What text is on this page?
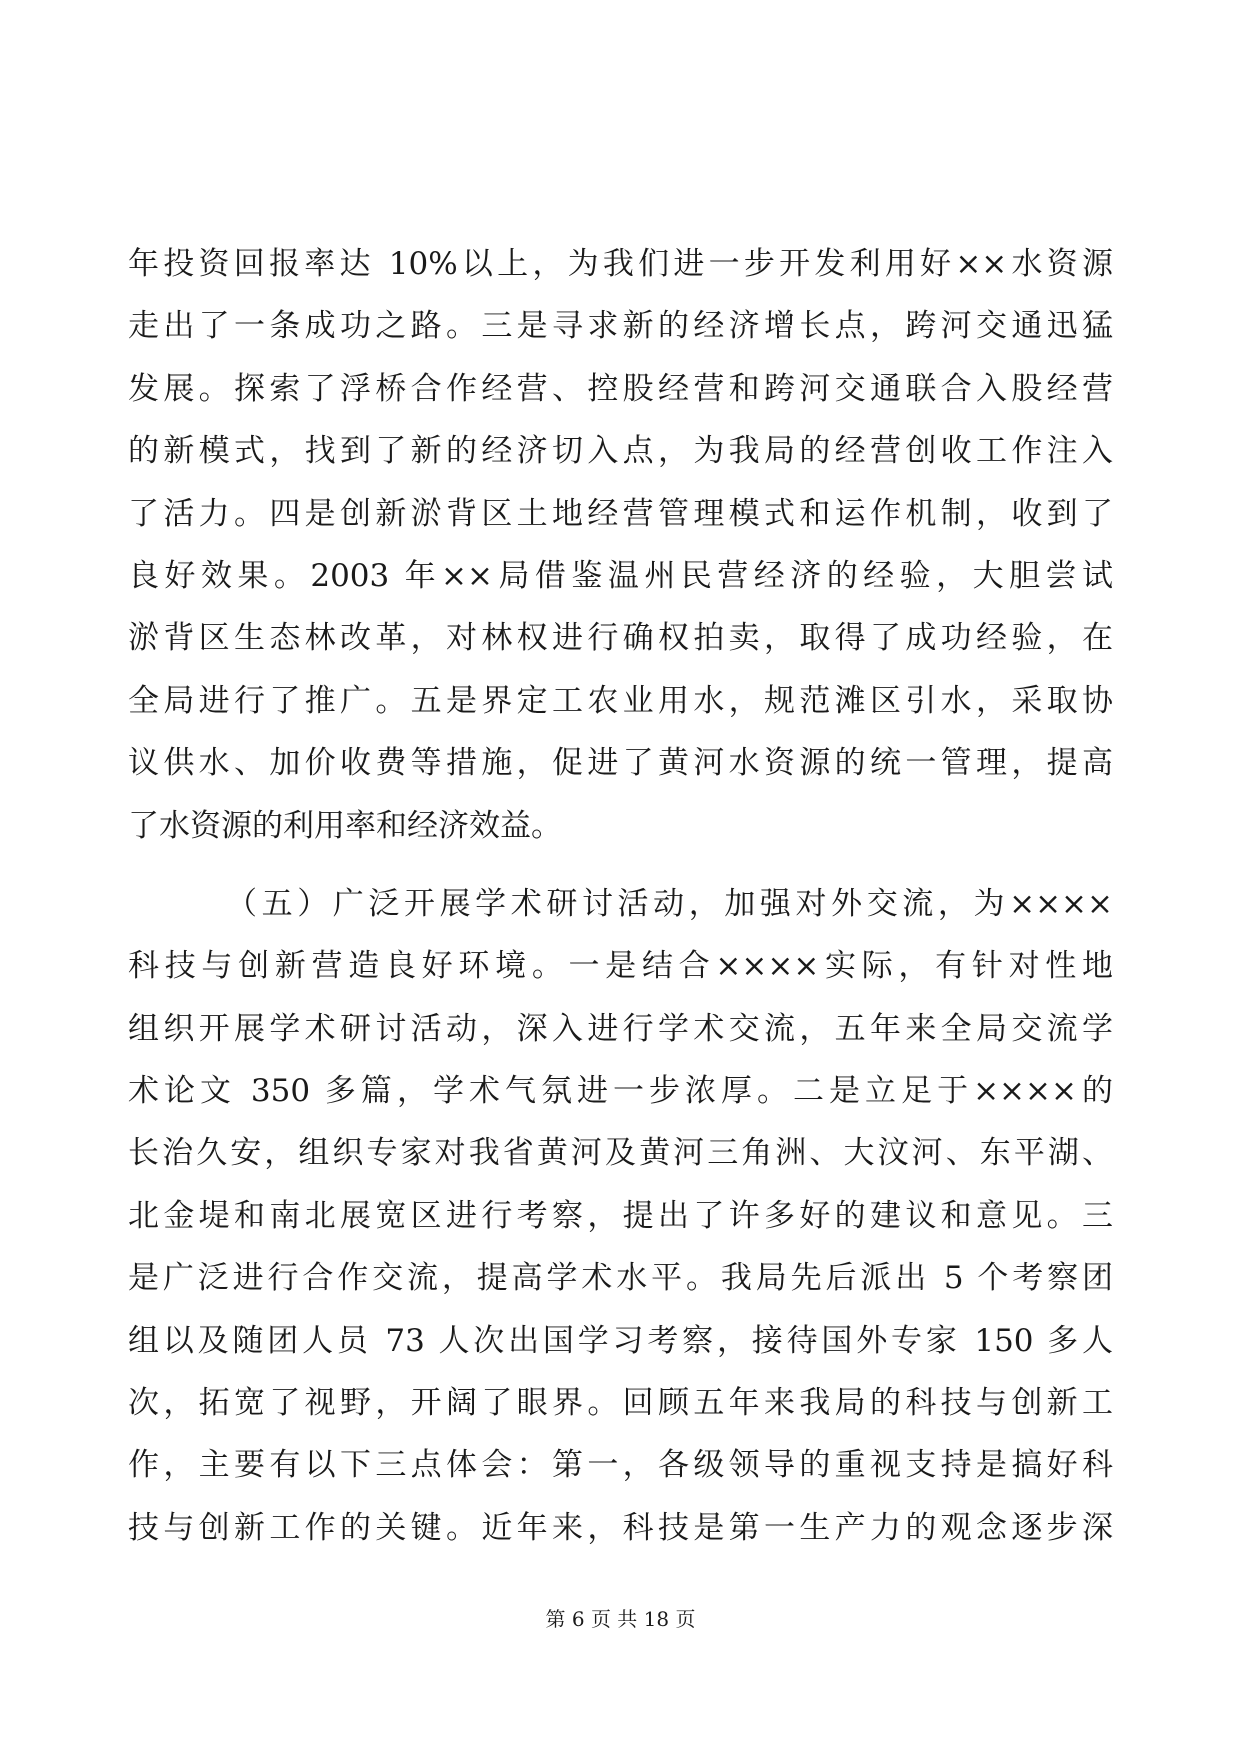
年投资回报率达 10%以上，为我们进一步开发利用好××水资源
走出了一条成功之路。三是寻求新的经济增长点，跨河交通迅猛
发展。探索了浮桥合作经营、控股经营和跨河交通联合入股经营
的新模式，找到了新的经济切入点，为我局的经营创收工作注入
了活力。四是创新淤背区土地经营管理模式和运作机制，收到了
良好效果。2003 年××局借鉴温州民营经济的经验，大胆尝试
淤背区生态林改革，对林权进行确权拍卖，取得了成功经验，在
全局进行了推广。五是界定工农业用水，规范滩区引水，采取协
议供水、加价收费等措施，促进了黄河水资源的统一管理，提高
了水资源的利用率和经济效益。
（五）广泛开展学术研讨活动，加强对外交流，为××××
科技与创新营造良好环境。一是结合××××实际，有针对性地
组织开展学术研讨活动，深入进行学术交流，五年来全局交流学
术论文 350 多篇，学术气氛进一步浓厚。二是立足于××××的
长治久安，组织专家对我省黄河及黄河三角洲、大汶河、东平湖、
北金堤和南北展宽区进行考察，提出了许多好的建议和意见。三
是广泛进行合作交流，提高学术水平。我局先后派出 5 个考察团
组以及随团人员 73 人次出国学习考察，接待国外专家 150 多人
次，拓宽了视野，开阔了眼界。回顾五年来我局的科技与创新工
作，主要有以下三点体会：第一，各级领导的重视支持是搞好科
技与创新工作的关键。近年来，科技是第一生产力的观念逐步深
第 6 页 共 18 页
